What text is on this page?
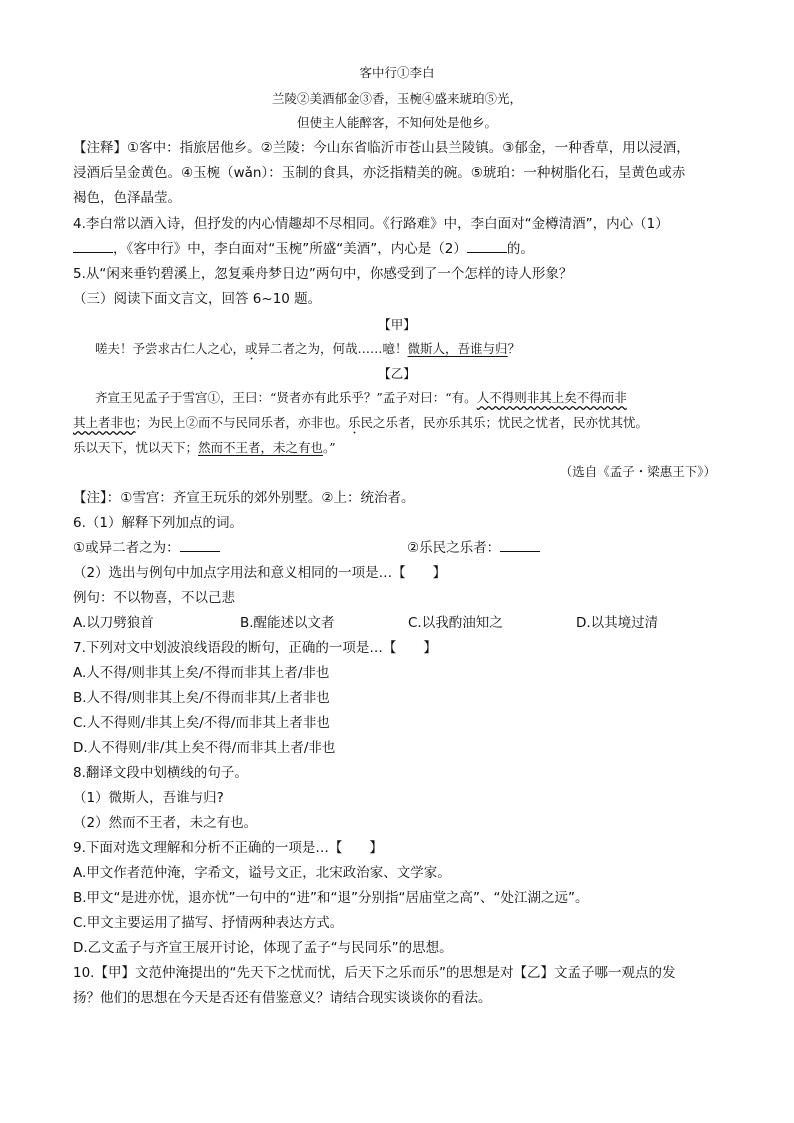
客中行①李白
兰陵②美酒郁金③香，玉椀④盛来琥珀⑤光，
但使主人能醉客，不知何处是他乡。
【注释】①客中：指旅居他乡。②兰陵：今山东省临沂市苍山县兰陵镇。③郁金，一种香草，用以浸酒，
浸酒后呈金黄色。④玉椀（wǎn）：玉制的食具，亦泛指精美的碗。⑤琥珀：一种树脂化石，呈黄色或赤
褐色，色泽晶莹。
4.李白常以酒入诗，但抒发的内心情趣却不尽相同。《行路难》中，李白面对“金樽清酒”，内心（1）
，《客中行》中，李白面对“玉椀”所盛“美酒”，内心是（2）	的。
5.从“闲来垂钓碧溪上，忽复乘舟梦日边”两句中，你感受到了一个怎样的诗人形象？
（三）阅读下面文言文，回答 6~10 题。
【甲】
嗟夫！予尝求古仁人之心，或异二者之为，何哉……噫！微斯人，吾谁与归？
【乙】
齐宣王见孟子于雪宫①，王曰：“贤者亦有此乐乎？”孟子对曰：“有。人不得则非其上矣不得而非
其上者非也；为民上②而不与民同乐者，亦非也。乐民之乐者，民亦乐其乐；忧民之忧者，民亦忧其忧。
乐以天下，忧以天下；然而不王者，未之有也。”
（选自《孟子・梁惠王下》）
【注】：①雪宫：齐宣王玩乐的郊外别墅。②上：统治者。
6.（1）解释下列加点的词。
①或异二者之为：	②乐民之乐者：
（2）选出与例句中加点字用法和意义相同的一项是…【　　】
例句：不以物喜，不以己悲
A.以刀劈狼首	B.醒能述以文者	C.以我酌油知之	D.以其境过清
7.下列对文中划波浪线语段的断句，正确的一项是…【　　】
A.人不得/则非其上矣/不得而非其上者/非也
B.人不得/则非其上矣/不得而非其/上者非也
C.人不得则/非其上矣/不得/而非其上者非也
D.人不得则/非/其上矣不得/而非其上者/非也
8.翻译文段中划横线的句子。
（1）微斯人，吾谁与归?
（2）然而不王者，未之有也。
9.下面对选文理解和分析不正确的一项是…【　　】
A.甲文作者范仲淹，字希文，谥号文正，北宋政治家、文学家。
B.甲文“是进亦忧，退亦忧”一句中的“进”和“退”分别指“居庙堂之高”、“处江湖之远”。
C.甲文主要运用了描写、抒情两种表达方式。
D.乙文孟子与齐宣王展开讨论，体现了孟子“与民同乐”的思想。
10.【甲】文范仲淹提出的“先天下之忧而忧，后天下之乐而乐”的思想是对【乙】文孟子哪一观点的发
扬？他们的思想在今天是否还有借鉴意义？请结合现实谈谈你的看法。
